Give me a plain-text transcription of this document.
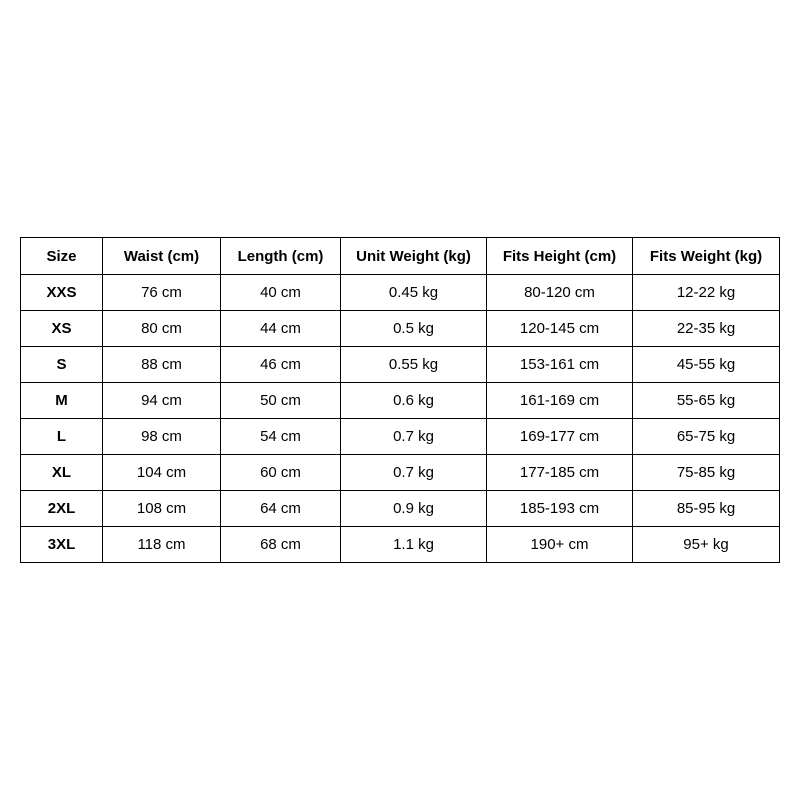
Size	Waist (cm)	Length (cm)	Unit Weight (kg)	Fits Height (cm)	Fits Weight (kg)
XXS	76 cm	40 cm	0.45 kg	80-120 cm	12-22 kg
XS	80 cm	44 cm	0.5 kg	120-145 cm	22-35 kg
S	88 cm	46 cm	0.55 kg	153-161 cm	45-55 kg
M	94 cm	50 cm	0.6 kg	161-169 cm	55-65 kg
L	98 cm	54 cm	0.7 kg	169-177 cm	65-75 kg
XL	104 cm	60 cm	0.7 kg	177-185 cm	75-85 kg
2XL	108 cm	64 cm	0.9 kg	185-193 cm	85-95 kg
3XL	118 cm	68 cm	1.1 kg	190+ cm	95+ kg
